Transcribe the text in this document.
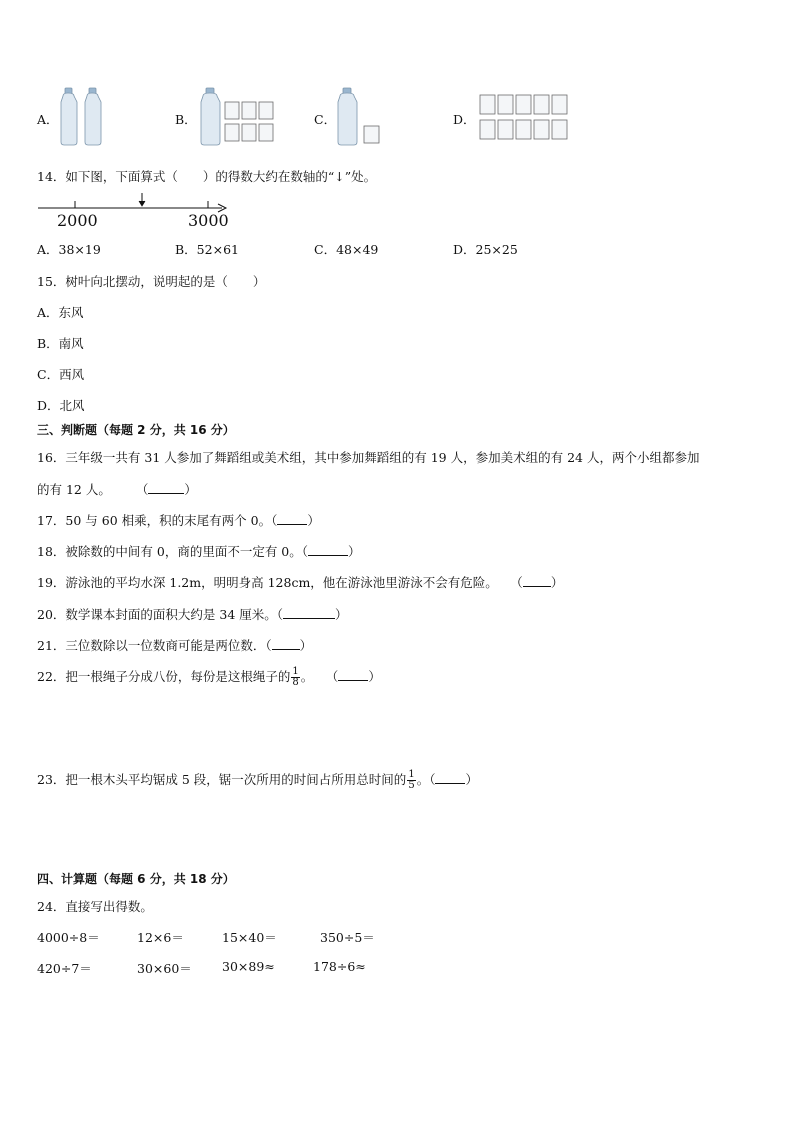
A．	B．	C．	D．
14．如下图，下面算式（　　）的得数大约在数轴的“↓”处。
2000	3000
A．38×19	B．52×61	C．48×49	D．25×25
15．树叶向北摆动，说明起的是（　　）
A．东风
B．南风
C．西风
D．北风
三、判断题（每题 2 分，共 16 分）
16．三年级一共有 31 人参加了舞蹈组或美术组，其中参加舞蹈组的有 19 人，参加美术组的有 24 人，两个小组都参加
的有 12 人。　　　（	）
17．50 与 60 相乘，积的末尾有两个 0。（ ）
18．被除数的中间有 0，商的里面不一定有 0。（	）
19．游泳池的平均水深 1.2m，明明身高 128cm，他在游泳池里游泳不会有危险。　　（ ）
20．数学课本封面的面积大约是 34 厘米。（	）
21．三位数除以一位数商可能是两位数．（ ）
22．把一根绳子分成八份，每份是这根绳子的 $\frac{1}{8}$ 。　　（ ）
23．把一根木头平均锯成 5 段，锯一次所用的时间占所用总时间的 $\frac{1}{5}$ 。（ ）
四、计算题（每题 6 分，共 18 分）
24．直接写出得数。
4000÷8＝	12×6＝	15×40＝	350÷5＝
420÷7＝	30×60＝ 30×89≈	178÷6≈
